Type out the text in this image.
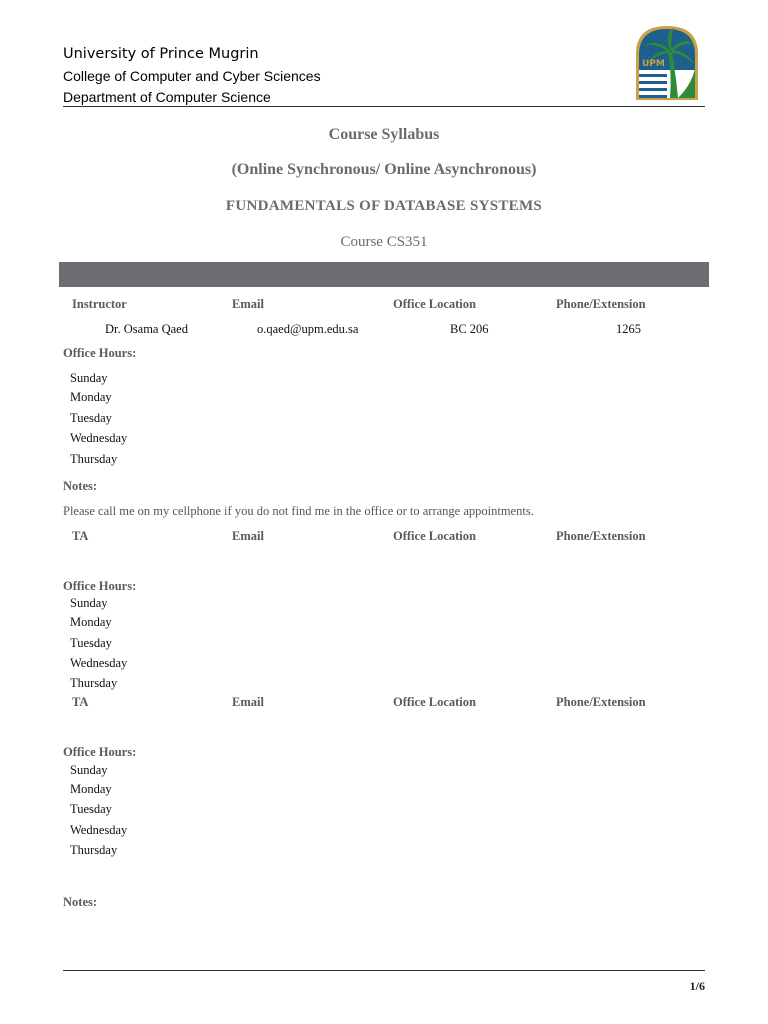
University of Prince Mugrin
College of Computer and Cyber Sciences
Department of Computer Science
UPM
Course Syllabus
(Online Synchronous/ Online Asynchronous)
FUNDAMENTALS OF DATABASE SYSTEMS
Course CS351
Instructor	Email	Office Location	Phone/Extension
Dr. Osama Qaed	o.qaed@upm.edu.sa	BC 206	1265
Office Hours:
Sunday
Monday
Tuesday
Wednesday
Thursday
Notes:
Please call me on my cellphone if you do not find me in the office or to arrange appointments.
TA	Email	Office Location	Phone/Extension
Office Hours:
Sunday
Monday
Tuesday
Wednesday
Thursday
TA	Email	Office Location	Phone/Extension
Office Hours:
Sunday
Monday
Tuesday
Wednesday
Thursday
Notes:
1/6
